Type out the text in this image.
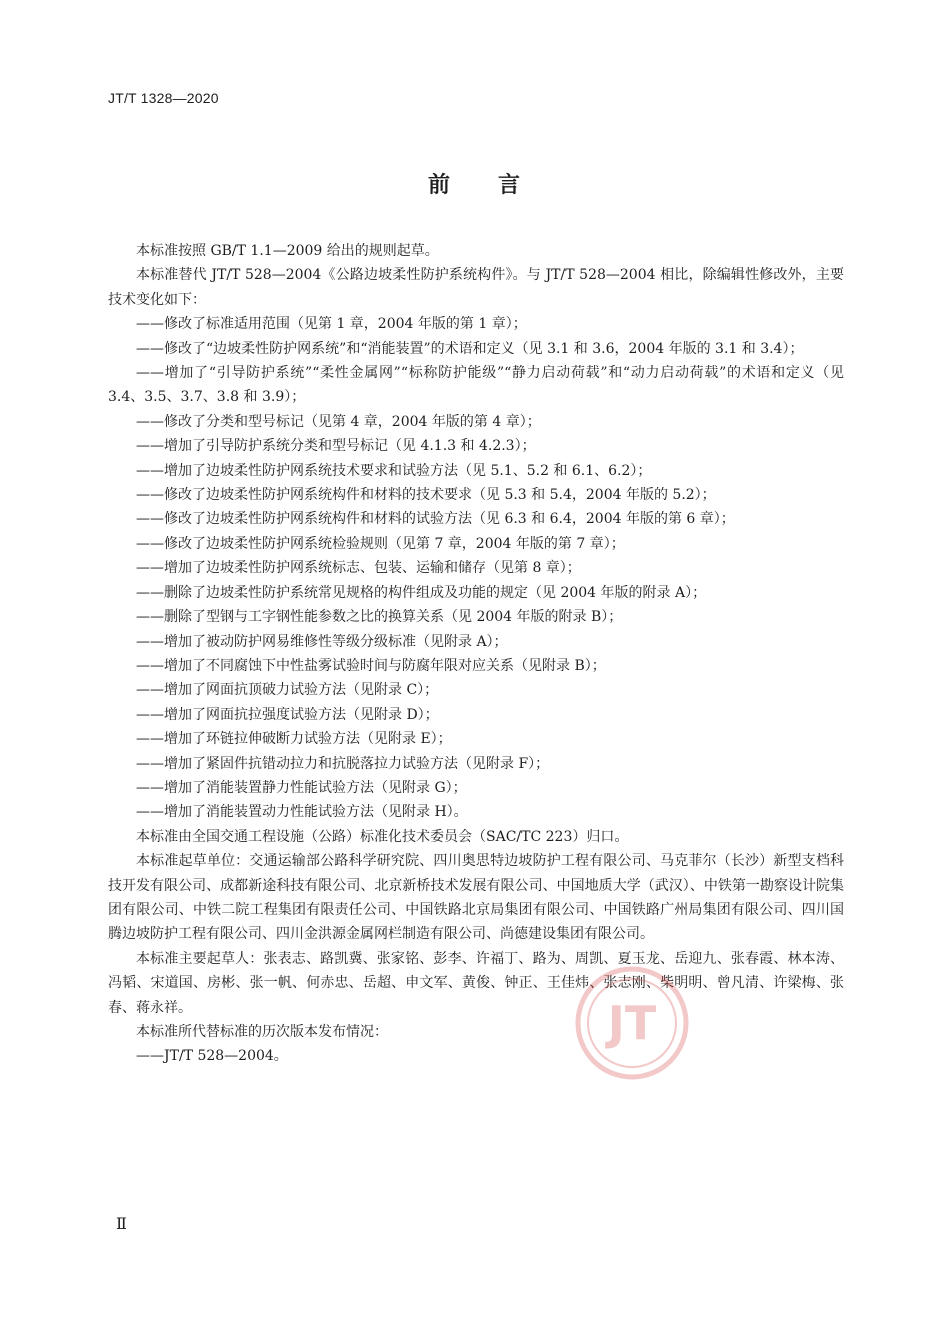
JT/T 1328—2020
前 言

本标准按照 GB/T 1.1—2009 给出的规则起草。

本标准替代 JT/T 528—2004《公路边坡柔性防护系统构件》。与 JT/T 528—2004 相比，除编辑性修改外，主要技术变化如下：

——修改了标准适用范围（见第 1 章，2004 年版的第 1 章）；

——修改了“边坡柔性防护网系统”和“消能装置”的术语和定义（见 3.1 和 3.6，2004 年版的 3.1 和 3.4）；

——增加了“引导防护系统”“柔性金属网”“标称防护能级”“静力启动荷载”和“动力启动荷载”的术语和定义（见 3.4、3.5、3.7、3.8 和 3.9）；

——修改了分类和型号标记（见第 4 章，2004 年版的第 4 章）；

——增加了引导防护系统分类和型号标记（见 4.1.3 和 4.2.3）；

——增加了边坡柔性防护网系统技术要求和试验方法（见 5.1、5.2 和 6.1、6.2）；

——修改了边坡柔性防护网系统构件和材料的技术要求（见 5.3 和 5.4，2004 年版的 5.2）；

——修改了边坡柔性防护网系统构件和材料的试验方法（见 6.3 和 6.4，2004 年版的第 6 章）；

——修改了边坡柔性防护网系统检验规则（见第 7 章，2004 年版的第 7 章）；

——增加了边坡柔性防护网系统标志、包装、运输和储存（见第 8 章）；

——删除了边坡柔性防护系统常见规格的构件组成及功能的规定（见 2004 年版的附录 A）；

——删除了型钢与工字钢性能参数之比的换算关系（见 2004 年版的附录 B）；

——增加了被动防护网易维修性等级分级标准（见附录 A）；

——增加了不同腐蚀下中性盐雾试验时间与防腐年限对应关系（见附录 B）；

——增加了网面抗顶破力试验方法（见附录 C）；

——增加了网面抗拉强度试验方法（见附录 D）；

——增加了环链拉伸破断力试验方法（见附录 E）；

——增加了紧固件抗错动拉力和抗脱落拉力试验方法（见附录 F）；

——增加了消能装置静力性能试验方法（见附录 G）；

——增加了消能装置动力性能试验方法（见附录 H）。

本标准由全国交通工程设施（公路）标准化技术委员会（SAC/TC 223）归口。

本标准起草单位：交通运输部公路科学研究院、四川奥思特边坡防护工程有限公司、马克菲尔（长沙）新型支档科技开发有限公司、成都新途科技有限公司、北京新桥技术发展有限公司、中国地质大学（武汉）、中铁第一勘察设计院集团有限公司、中铁二院工程集团有限责任公司、中国铁路北京局集团有限公司、中国铁路广州局集团有限公司、四川国腾边坡防护工程有限公司、四川金洪源金属网栏制造有限公司、尚德建设集团有限公司。

本标准主要起草人：张表志、路凯冀、张家铭、彭李、许福丁、路为、周凯、夏玉龙、岳迎九、张春霞、林本涛、冯韬、宋道国、房彬、张一帆、何赤忠、岳超、申文军、黄俊、钟正、王佳炜、张志刚、柴明明、曾凡清、许梁梅、张春、蒋永祥。

本标准所代替标准的历次版本发布情况：

——JT/T 528—2004。

JT
Ⅱ
